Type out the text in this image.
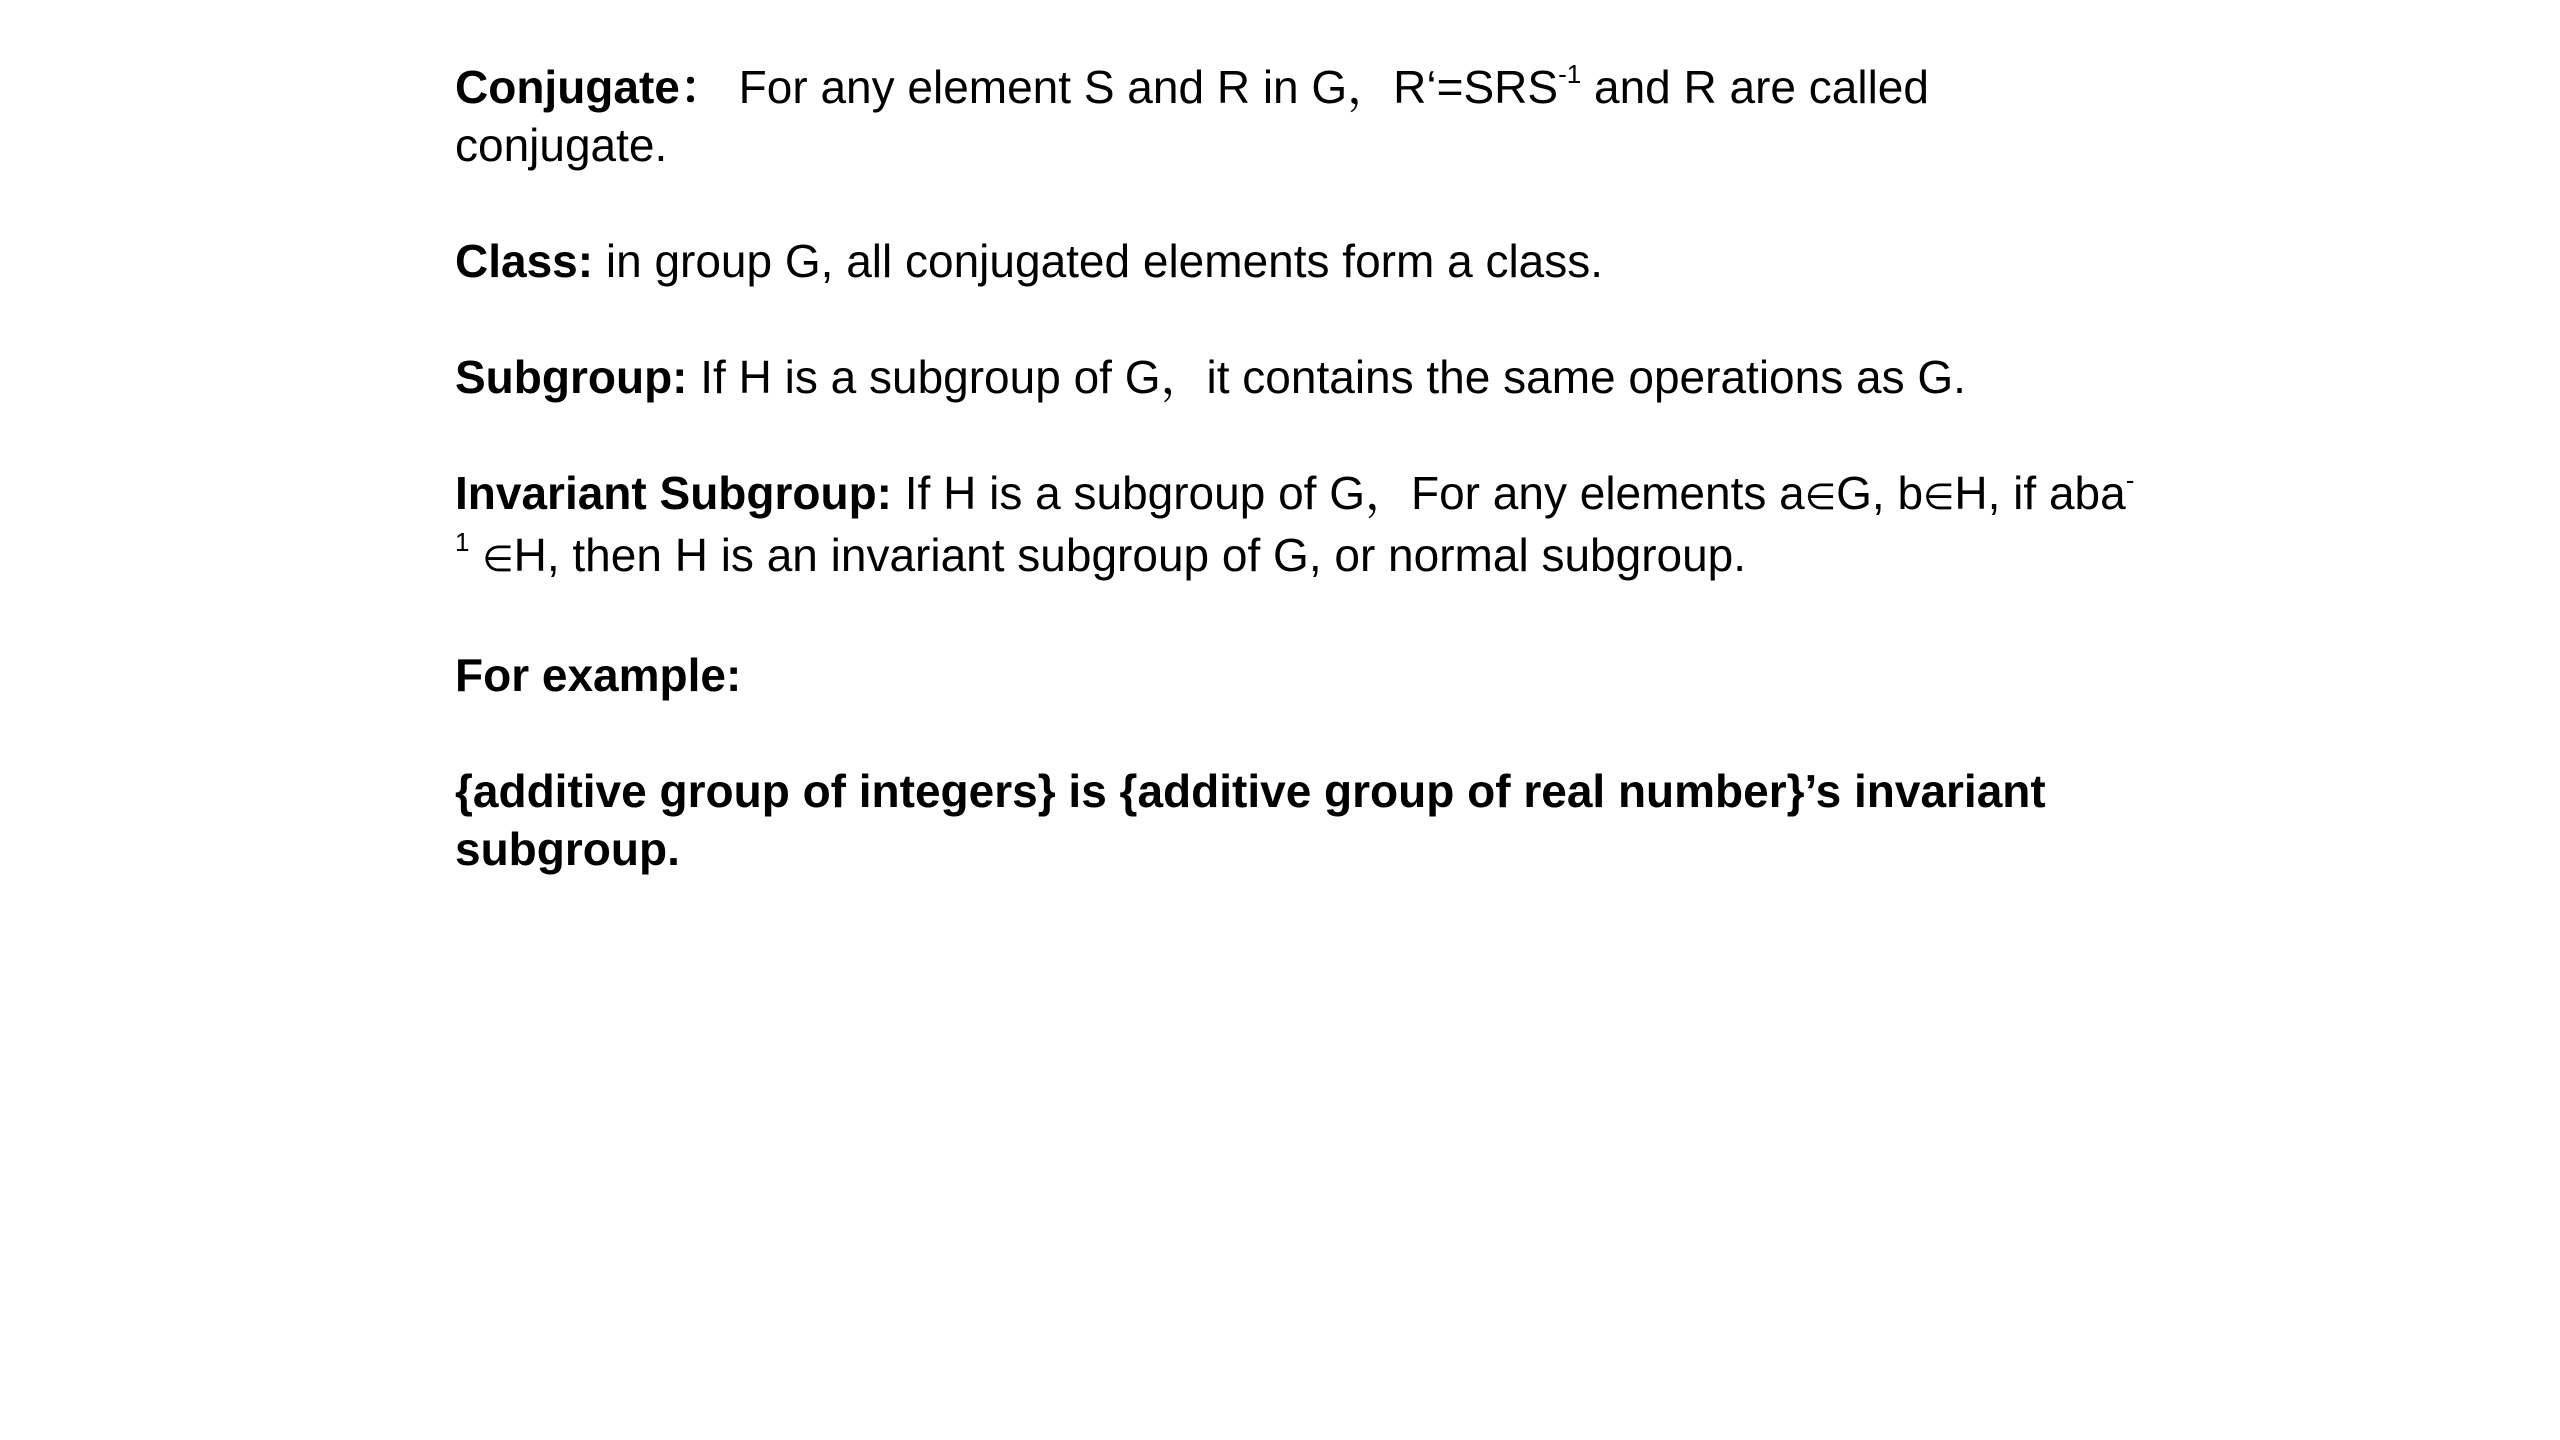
Conjugate： For any element S and R in G，$R‘=SRS^{-1}$ and R are called conjugate.

Class: in group G, all conjugated elements form a class.

Subgroup: If H is a subgroup of G，it contains the same operations as G.

Invariant Subgroup: If H is a subgroup of G，For any elements a∈G, b∈H, if aba$^{-1}$ ∈H, then H is an invariant subgroup of G, or normal subgroup.

For example:

{additive group of integers} is {additive group of real number}’s invariant subgroup.
